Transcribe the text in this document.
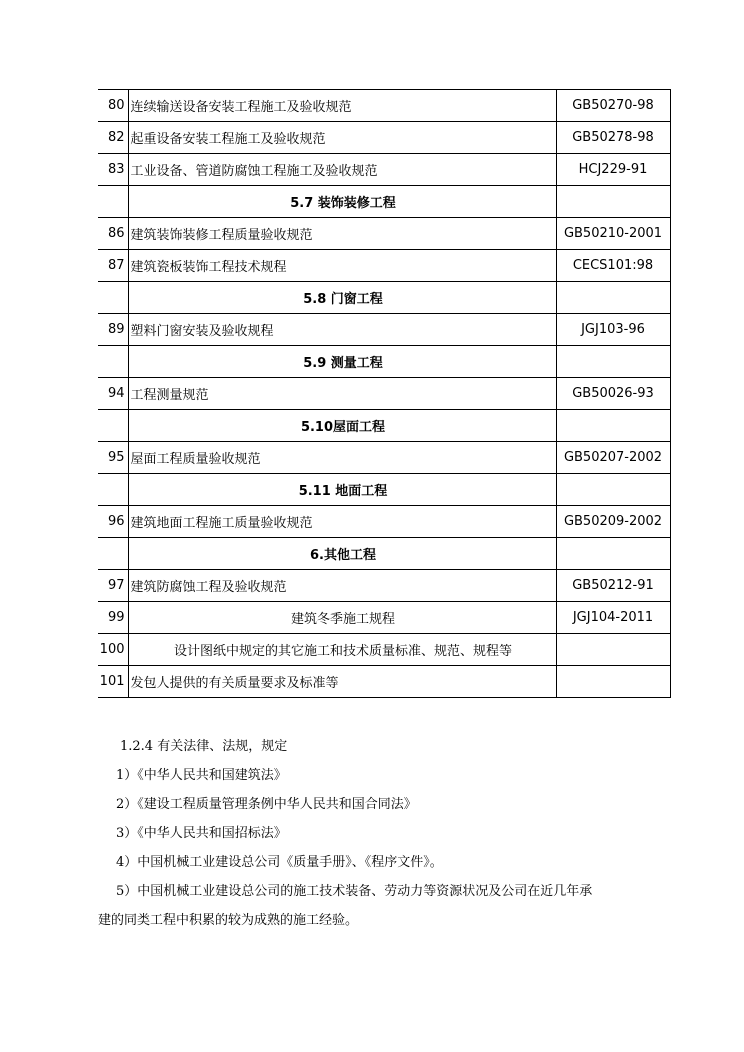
80	连续输送设备安装工程施工及验收规范	GB50270-98
82	起重设备安装工程施工及验收规范	GB50278-98
83	工业设备、管道防腐蚀工程施工及验收规范	HCJ229-91
	5.7 装饰装修工程	
86	建筑装饰装修工程质量验收规范	GB50210-2001
87	建筑瓷板装饰工程技术规程	CECS101:98
	5.8 门窗工程	
89	塑料门窗安装及验收规程	JGJ103-96
	5.9 测量工程	
94	工程测量规范	GB50026-93
	5.10屋面工程	
95	屋面工程质量验收规范	GB50207-2002
	5.11 地面工程	
96	建筑地面工程施工质量验收规范	GB50209-2002
	6.其他工程	
97	建筑防腐蚀工程及验收规范	GB50212-91
99	建筑冬季施工规程	JGJ104-2011
100	设计图纸中规定的其它施工和技术质量标准、规范、规程等	
101	发包人提供的有关质量要求及标准等	

1.2.4 有关法律、法规，规定

1）《中华人民共和国建筑法》

2）《建设工程质量管理条例中华人民共和国合同法》

3）《中华人民共和国招标法》

4）中国机械工业建设总公司《质量手册》、《程序文件》。

5）中国机械工业建设总公司的施工技术装备、劳动力等资源状况及公司在近几年承

建的同类工程中积累的较为成熟的施工经验。
